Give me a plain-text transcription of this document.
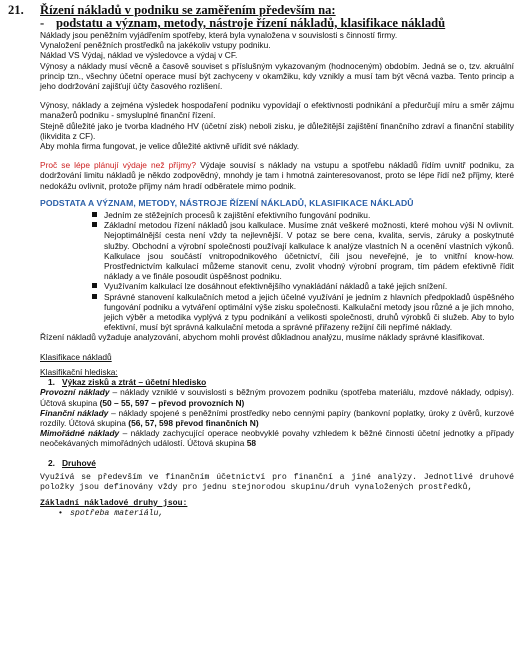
21. Řízení nákladů v podniku se zaměřením především na:
- podstatu a význam, metody, nástroje řízení nákladů, klasifikace nákladů

Náklady jsou peněžním vyjádřením spotřeby, která byla vynaložena v souvislosti s činností firmy.

Vynaložení peněžních prostředků na jakékoliv vstupy podniku.

Náklad VS Výdaj, náklad ve výsledovce a výdaj v CF.

Výnosy a náklady musí věcně a časově souviset s příslušným vykazovaným (hodnoceným) obdobím. Jedná se o, tzv. akruální princip tzn., všechny účetní operace musí být zachyceny v okamžiku, kdy vznikly a musí tam být věcná vazba. Tento princip a jeho dodržování zajišťují účty časového rozlišení.

Výnosy, náklady a zejména výsledek hospodaření podniku vypovídají o efektivnosti podnikání a předurčují míru a směr zájmu manažerů podniku - smysluplné finanční řízení.

Stejně důležité jako je tvorba kladného HV (účetní zisk) neboli zisku, je důležitější zajištění finančního zdraví a finanční stability (likvidita z CF).

Aby mohla firma fungovat, je velice důležité aktivně uřídit své náklady.

Proč se lépe plánují výdaje než příjmy? Výdaje souvisí s náklady na vstupu a spotřebu nákladů řídím uvnitř podniku, za dodržování limitu nákladů je někdo zodpovědný, mnohdy je tam i hmotná zainteresovanost, proto se lépe řídí než příjmy, které nedokážu ovlivnit, protože příjmy nám hradí odběratele mimo podnik.

PODSTATA A VÝZNAM, METODY, NÁSTROJE ŘÍZENÍ NÁKLADŮ, KLASIFIKACE NÁKLADŮ
Jedním ze stěžejních procesů k zajištění efektivního fungování podniku.
Základní metodou řízení nákladů jsou kalkulace. Musíme znát veškeré možnosti, které mohou výši N ovlivnit. Nejoptimálnější cesta není vždy ta nejlevnější. V potaz se bere cena, kvalita, servis, záruky a poskytnuté služby. Obchodní a výrobní společnosti používají kalkulace k analýze vlastních N a ocenění vlastních výkonů. Kalkulace jsou součástí vnitropodnikového účetnictví, čili jsou neveřejné, je to vnitřní know-how. Prostřednictvím kalkulací můžeme stanovit cenu, zvolit vhodný výrobní program, tím pádem efektivně řídit náklady a ve finále posoudit úspěšnost podniku.
Využívaním kalkulací lze dosáhnout efektivnějšího vynakládání nákladů a také jejich snížení.
Správné stanovení kalkulačních metod a jejich účelné využívání je jedním z hlavních předpokladů úspěšného fungování podniku a vytváření optimální výše zisku společnosti. Kalkulační metody jsou různé a je jich mnoho, jejich výběr a metodika vyplývá z typu podnikání a velikosti společnosti, druhů výrobků či služeb. Aby to bylo efektivní, musí být správná kalkulační metoda a správné přiřazeny režijní čili nepřímé náklady.

Řízení nákladů vyžaduje analyzování, abychom mohli provést důkladnou analýzu, musíme náklady správné klasifikovat.

Klasifikace nákladů

Klasifikační hlediska:

1. Výkaz zisků a ztrát – účetní hledisko

Provozní náklady – náklady vzniklé v souvislosti s běžným provozem podniku (spotřeba materiálu, mzdové náklady, odpisy). Účtová skupina (50 – 55, 597 – převod provozních N)

Finanční náklady – náklady spojené s peněžními prostředky nebo cennými papíry (bankovní poplatky, úroky z úvěrů, kurzové rozdíly. Účtová skupina (56, 57, 598 převod finančních N)

Mimořádné náklady – náklady zachycující operace neobvyklé povahy vzhledem k běžné činnosti účetní jednotky a případy neočekávaných mimořádných událostí. Účtová skupina 58

2. Druhové

Využívá se především ve finančním účetnictví pro finanční a jiné analýzy. Jednotlivé druhové položky jsou definovány vždy pro jednu stejnorodou skupinu/druh vynaložených prostředků,

Základní nákladové druhy jsou:

• spotřeba materiálu,
